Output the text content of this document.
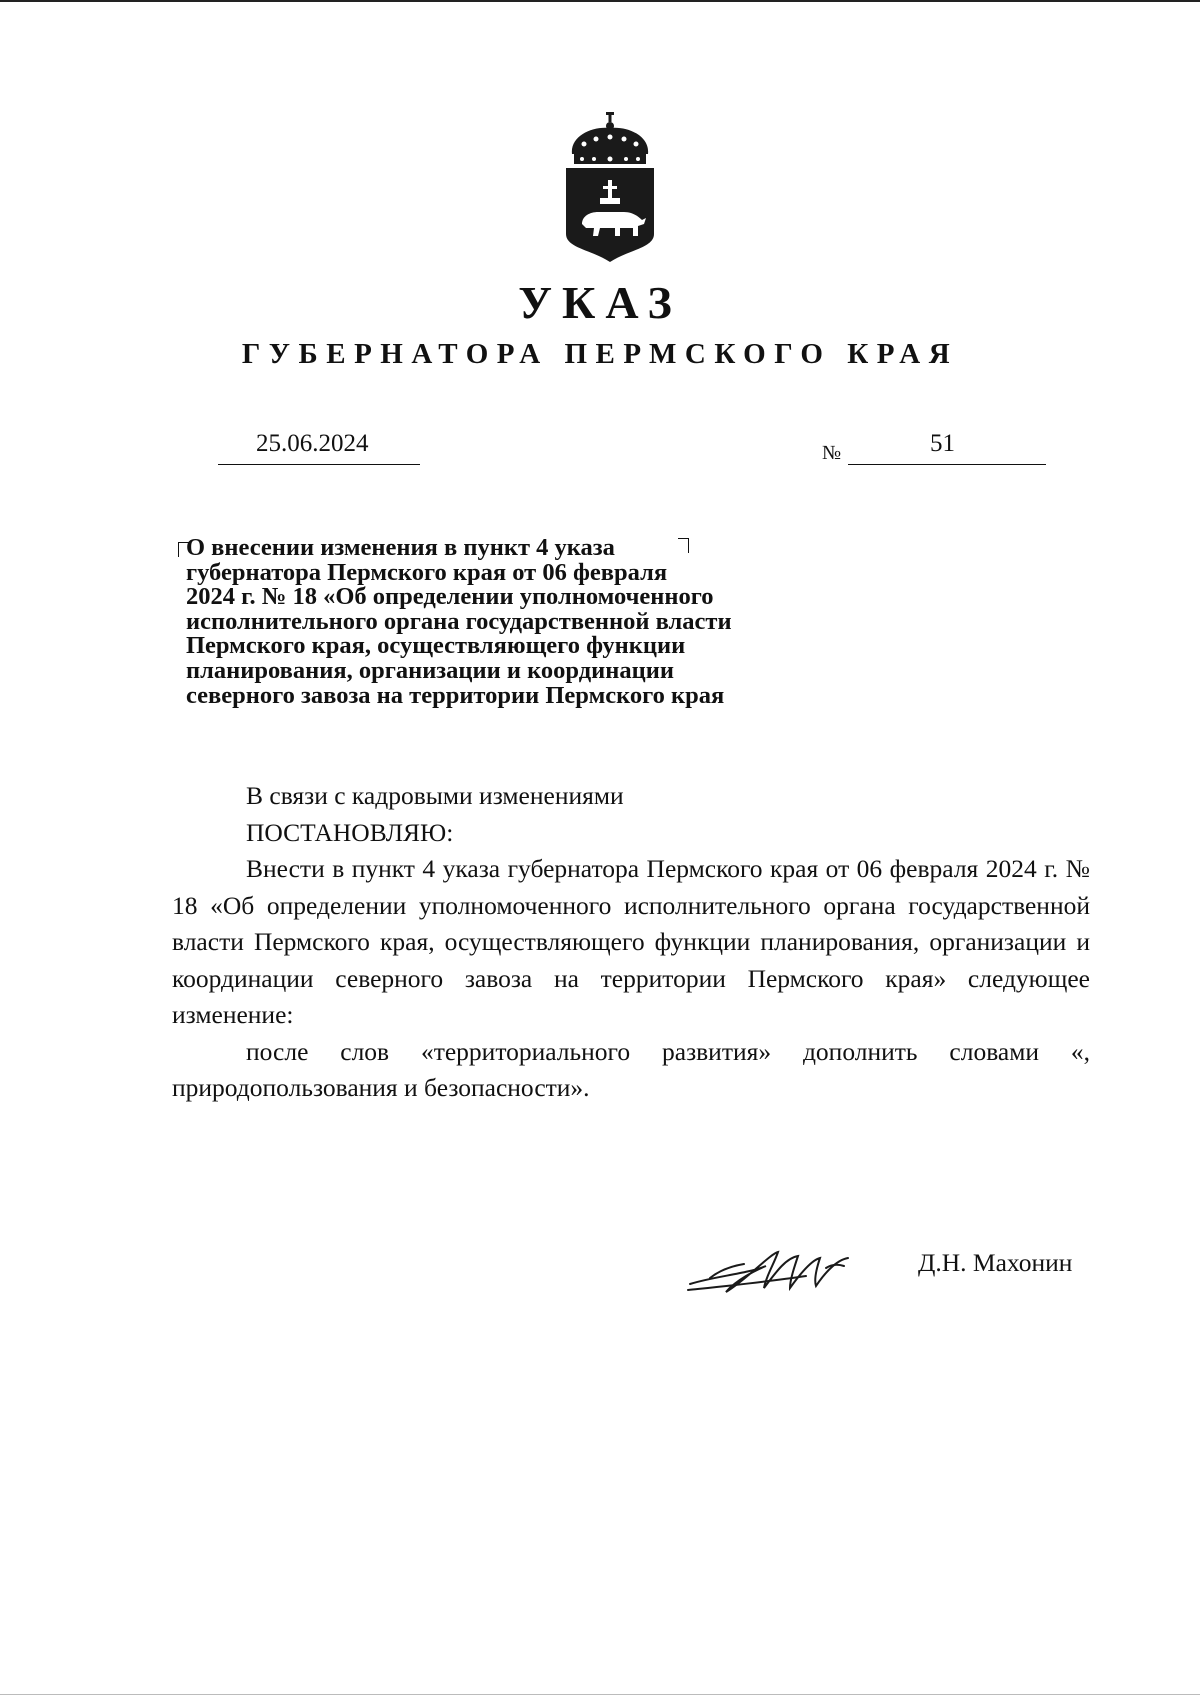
УКАЗ
ГУБЕРНАТОРА ПЕРМСКОГО КРАЯ
25.06.2024	№	51
О внесении изменения в пункт 4 указа
губернатора Пермского края от 06 февраля
2024 г. № 18 «Об определении уполномоченного
исполнительного органа государственной власти
Пермского края, осуществляющего функции
планирования, организации и координации
северного завоза на территории Пермского края

В связи с кадровыми изменениями

ПОСТАНОВЛЯЮ:

Внести в пункт 4 указа губернатора Пермского края от 06 февраля 2024 г. № 18 «Об определении уполномоченного исполнительного органа государственной власти Пермского края, осуществляющего функции планирования, организации и координации северного завоза на территории Пермского края» следующее изменение:

после слов «территориального развития» дополнить словами «, природопользования и безопасности».

Д.Н. Махонин
